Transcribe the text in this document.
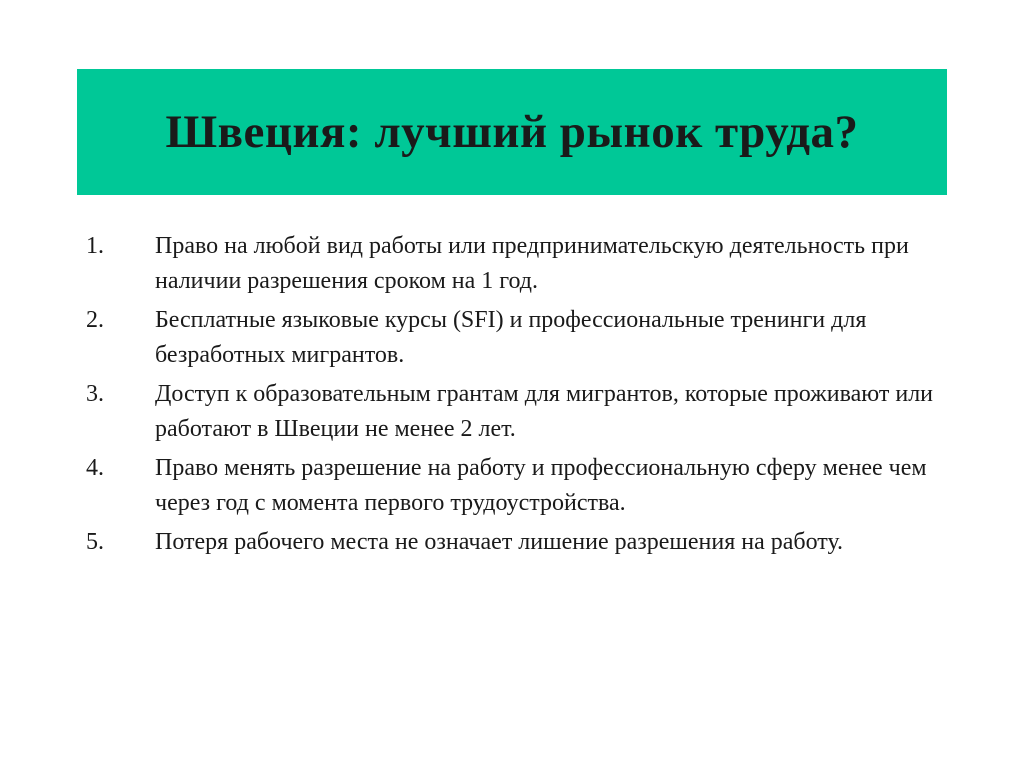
Швеция: лучший рынок труда?
1. Право на любой вид работы или предпринимательскую деятельность при наличии разрешения сроком на 1 год.
2. Бесплатные языковые курсы (SFI) и профессиональные тренинги для безработных мигрантов.
3. Доступ к образовательным грантам для мигрантов, которые проживают или работают в Швеции не менее 2 лет.
4. Право менять разрешение на работу и профессиональную сферу менее чем через год с момента первого трудоустройства.
5. Потеря рабочего места не означает лишение разрешения на работу.
